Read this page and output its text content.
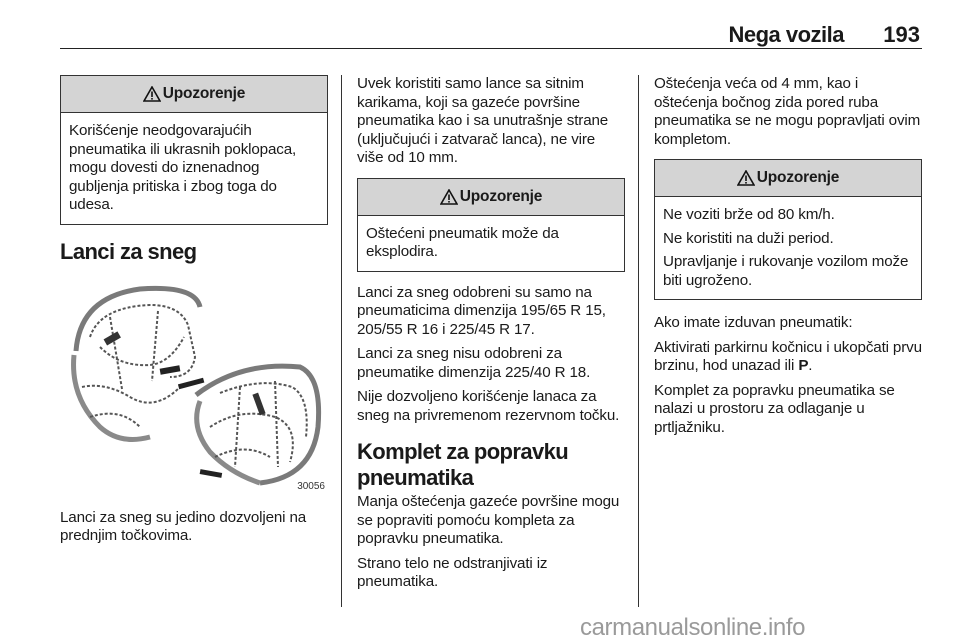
Nega vozila 193
Upozorenje

Korišćenje neodgovarajućih pneumatika ili ukrasnih poklopaca, mogu dovesti do iznenadnog gubljenja pritiska i zbog toga do udesa.

Lanci za sneg
30056

Lanci za sneg su jedino dozvoljeni na prednjim točkovima.

Uvek koristiti samo lance sa sitnim karikama, koji sa gazeće površine pneumatika kao i sa unutrašnje strane (uključujući i zatvarač lanca), ne vire više od 10 mm.

Upozorenje

Oštećeni pneumatik može da eksplodira.

Lanci za sneg odobreni su samo na pneumaticima dimenzija 195/65 R 15, 205/55 R 16 i 225/45 R 17.

Lanci za sneg nisu odobreni za pneumatike dimenzija 225/40 R 18.

Nije dozvoljeno korišćenje lanaca za sneg na privremenom rezervnom točku.

Komplet za popravku pneumatika

Manja oštećenja gazeće površine mogu se popraviti pomoću kompleta za popravku pneumatika.

Strano telo ne odstranjivati iz pneumatika.

Oštećenja veća od 4 mm, kao i oštećenja bočnog zida pored ruba pneumatika se ne mogu popravljati ovim kompletom.

Upozorenje

Ne voziti brže od 80 km/h.

Ne koristiti na duži period.

Upravljanje i rukovanje vozilom može biti ugroženo.

Ako imate izduvan pneumatik:

Aktivirati parkirnu kočnicu i ukopčati prvu brzinu, hod unazad ili P.

Komplet za popravku pneumatika se nalazi u prostoru za odlaganje u prtljažniku.

carmanualsonline.info
